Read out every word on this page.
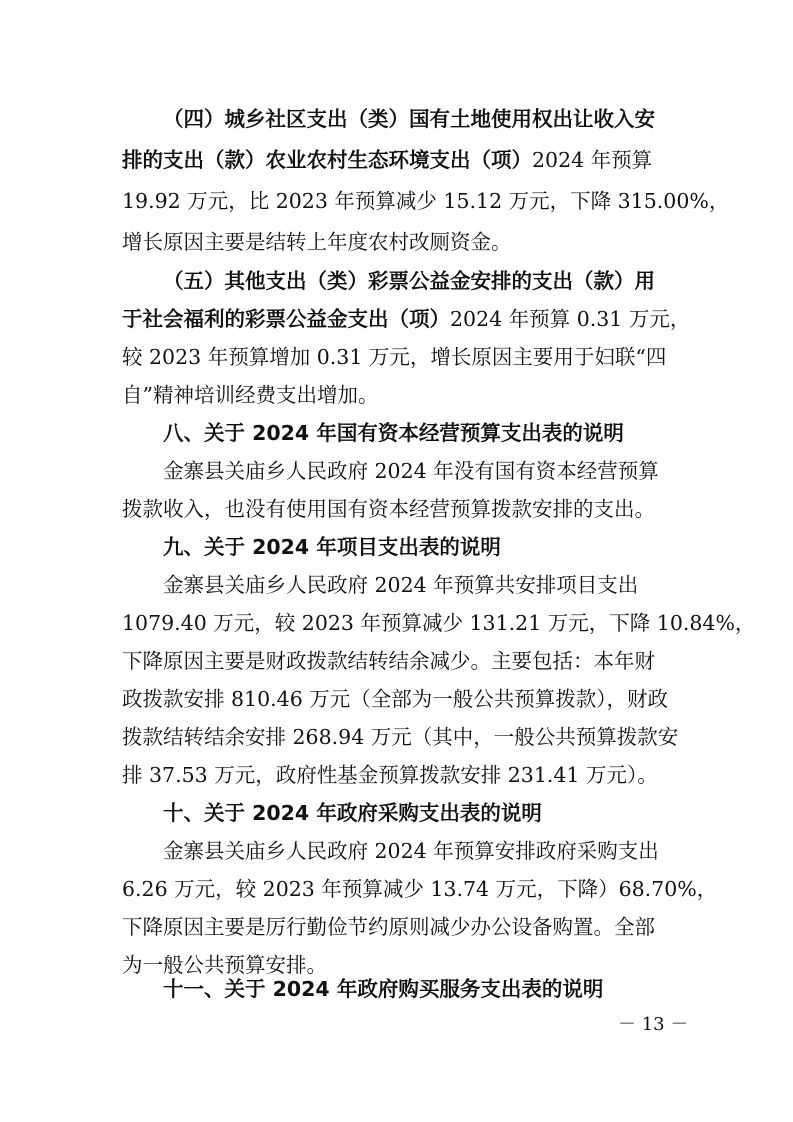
（四）城乡社区支出（类）国有土地使用权出让收入安
排的支出（款）农业农村生态环境支出（项） 2024 年预算
19.92 万元，比 2023 年预算减少 15.12 万元，下降 315.00%，
增长原因主要是结转上年度农村改厕资金。
（五）其他支出（类）彩票公益金安排的支出（款）用
于社会福利的彩票公益金支出（项） 2024 年预算 0.31 万元，
较 2023 年预算增加 0.31 万元，增长原因主要用于妇联“四
自”精神培训经费支出增加。
八、关于 2024 年国有资本经营预算支出表的说明
金寨县关庙乡人民政府 2024 年没有国有资本经营预算
拨款收入，也没有使用国有资本经营预算拨款安排的支出。
九、关于 2024 年项目支出表的说明
金寨县关庙乡人民政府 2024 年预算共安排项目支出
1079.40 万元，较 2023 年预算减少 131.21 万元，下降 10.84%，
下降原因主要是财政拨款结转结余减少。主要包括：本年财
政拨款安排 810.46 万元（全部为一般公共预算拨款），财政
拨款结转结余安排 268.94 万元（其中，一般公共预算拨款安
排 37.53 万元，政府性基金预算拨款安排 231.41 万元）。
十、关于 2024 年政府采购支出表的说明
金寨县关庙乡人民政府 2024 年预算安排政府采购支出
6.26 万元，较 2023 年预算减少 13.74 万元，下降）68.70%，
下降原因主要是厉行勤俭节约原则减少办公设备购置。全部
为一般公共预算安排。
十一、关于 2024 年政府购买服务支出表的说明
－ 13 －
